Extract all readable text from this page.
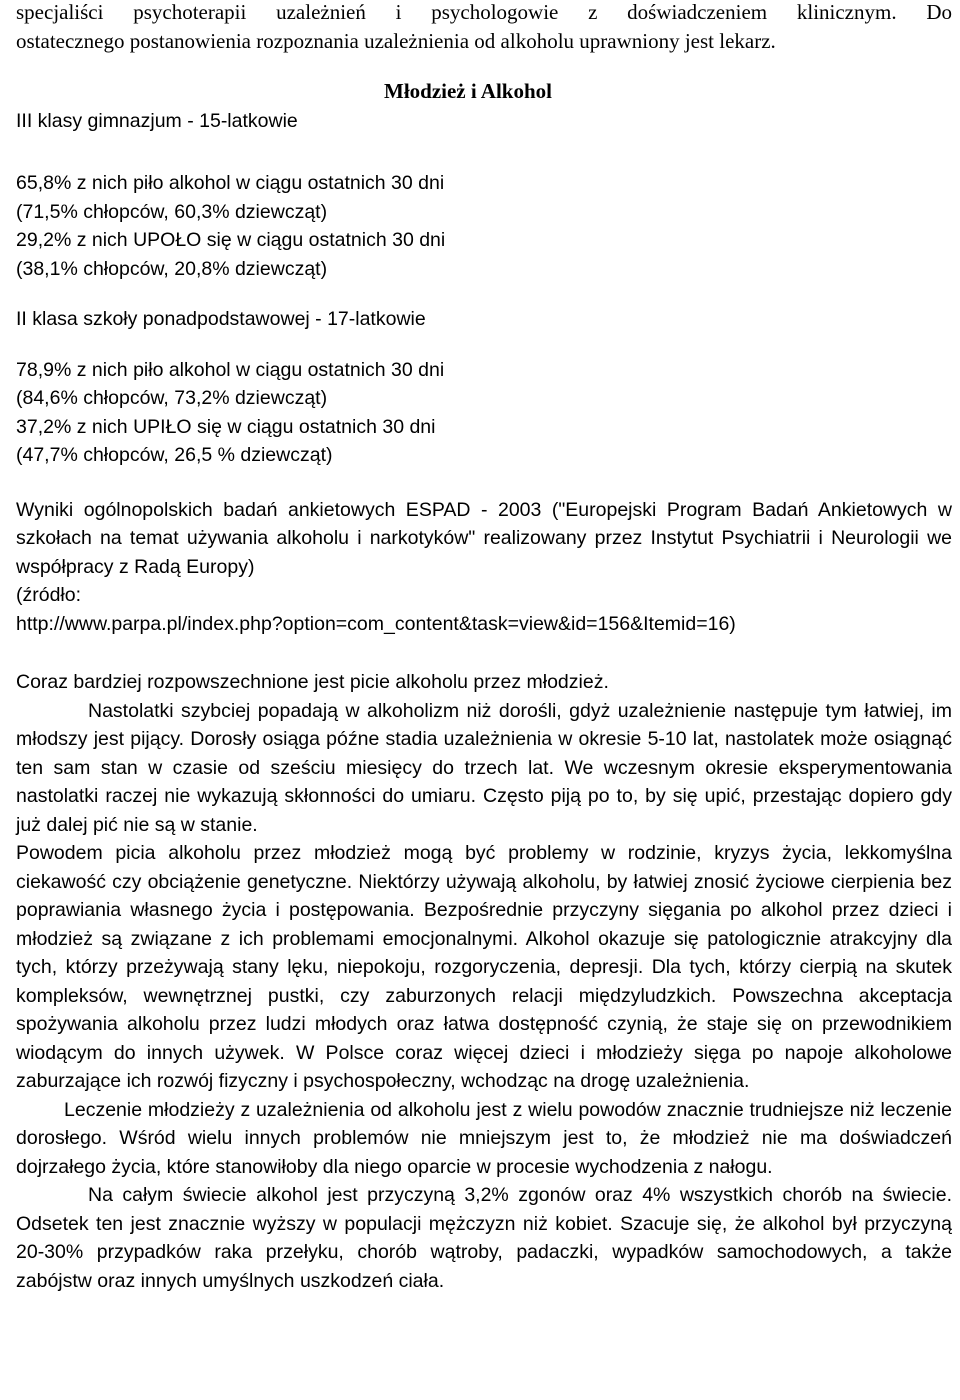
specjaliści psychoterapii uzależnień i psychologowie z doświadczeniem klinicznym. Do

ostatecznego postanowienia rozpoznania uzależnienia od alkoholu uprawniony jest lekarz.

Młodzież i Alkohol
III klasy gimnazjum - 15-latkowie

65,8% z nich piło alkohol w ciągu ostatnich 30 dni

(71,5% chłopców, 60,3% dziewcząt)

29,2% z nich UPOŁO się w ciągu ostatnich 30 dni

(38,1% chłopców, 20,8% dziewcząt)

II klasa szkoły ponadpodstawowej - 17-latkowie

78,9% z nich piło alkohol w ciągu ostatnich 30 dni

(84,6% chłopców, 73,2% dziewcząt)

37,2% z nich UPIŁO się w ciągu ostatnich 30 dni

(47,7% chłopców, 26,5 % dziewcząt)

Wyniki ogólnopolskich badań ankietowych ESPAD - 2003 ("Europejski Program Badań Ankietowych w szkołach na temat używania alkoholu i narkotyków" realizowany przez Instytut Psychiatrii i Neurologii we współpracy z Radą Europy)

(źródło:

http://www.parpa.pl/index.php?option=com_content&task=view&id=156&Itemid=16)

Coraz bardziej rozpowszechnione jest picie alkoholu przez młodzież.

Nastolatki szybciej popadają w alkoholizm niż dorośli, gdyż uzależnienie następuje tym łatwiej, im młodszy jest pijący. Dorosły osiąga późne stadia uzależnienia w okresie 5-10 lat, nastolatek może osiągnąć ten sam stan w czasie od sześciu miesięcy do trzech lat. We wczesnym okresie eksperymentowania nastolatki raczej nie wykazują skłonności do umiaru. Często piją po to, by się upić, przestając dopiero gdy już dalej pić nie są w stanie.

Powodem picia alkoholu przez młodzież mogą być problemy w rodzinie, kryzys życia, lekkomyślna ciekawość czy obciążenie genetyczne. Niektórzy używają alkoholu, by łatwiej znosić życiowe cierpienia bez poprawiania własnego życia i postępowania. Bezpośrednie przyczyny sięgania po alkohol przez dzieci i młodzież są związane z ich problemami emocjonalnymi. Alkohol okazuje się patologicznie atrakcyjny dla tych, którzy przeżywają stany lęku, niepokoju, rozgoryczenia, depresji. Dla tych, którzy cierpią na skutek kompleksów, wewnętrznej pustki, czy zaburzonych relacji międzyludzkich. Powszechna akceptacja spożywania alkoholu przez ludzi młodych oraz łatwa dostępność czynią, że staje się on przewodnikiem wiodącym do innych używek. W Polsce coraz więcej dzieci i młodzieży sięga po napoje alkoholowe zaburzające ich rozwój fizyczny i psychospołeczny, wchodząc na drogę uzależnienia.

Leczenie młodzieży z uzależnienia od alkoholu jest z wielu powodów znacznie trudniejsze niż leczenie dorosłego. Wśród wielu innych problemów nie mniejszym jest to, że młodzież nie ma doświadczeń dojrzałego życia, które stanowiłoby dla niego oparcie w procesie wychodzenia z nałogu.

Na całym świecie alkohol jest przyczyną 3,2% zgonów oraz 4% wszystkich chorób na świecie. Odsetek ten jest znacznie wyższy w populacji mężczyzn niż kobiet. Szacuje się, że alkohol był przyczyną 20-30% przypadków raka przełyku, chorób wątroby, padaczki, wypadków samochodowych, a także zabójstw oraz innych umyślnych uszkodzeń ciała.
